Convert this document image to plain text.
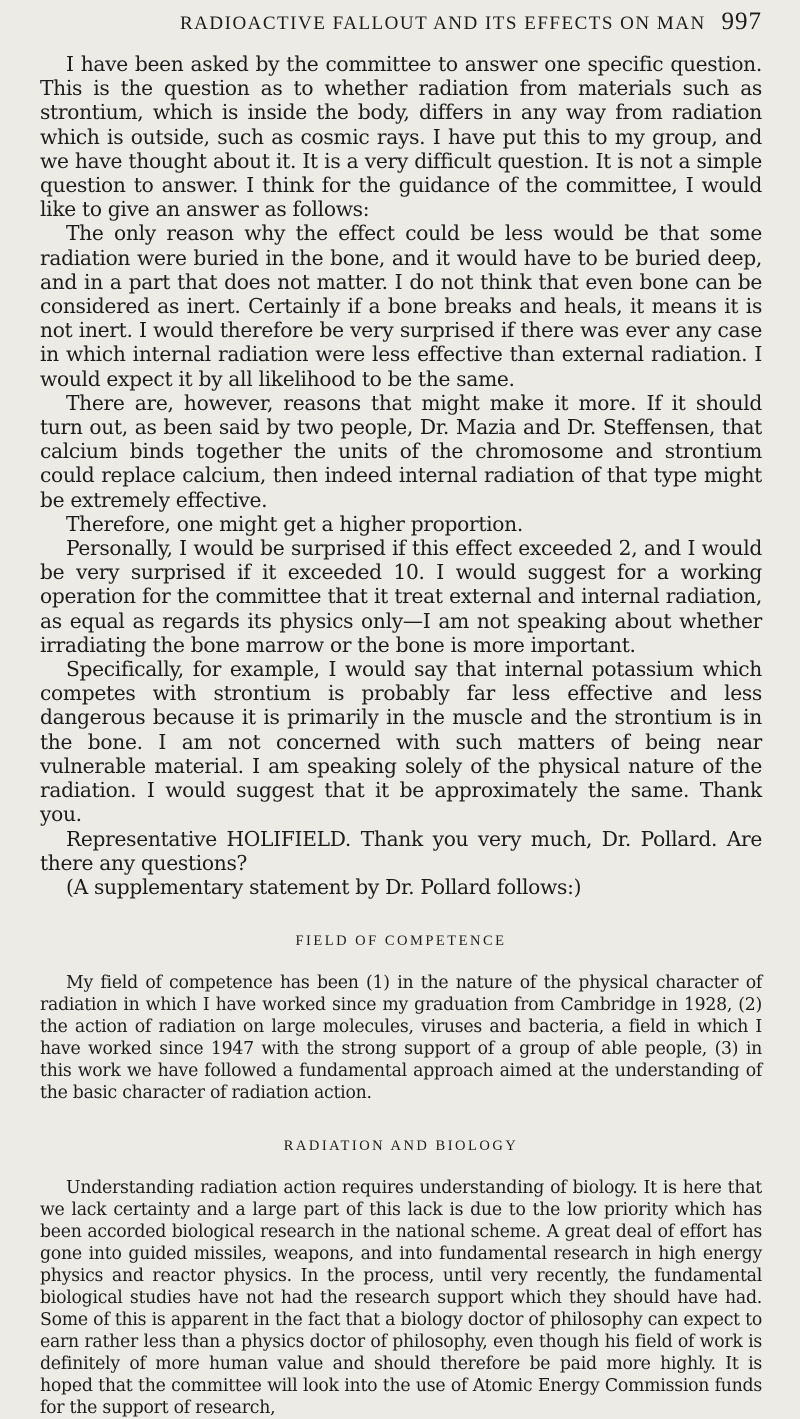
RADIOACTIVE FALLOUT AND ITS EFFECTS ON MAN 997

I have been asked by the committee to answer one specific question. This is the question as to whether radiation from materials such as strontium, which is inside the body, differs in any way from radiation which is outside, such as cosmic rays. I have put this to my group, and we have thought about it. It is a very difficult question. It is not a simple question to answer. I think for the guidance of the committee, I would like to give an answer as follows:

The only reason why the effect could be less would be that some radiation were buried in the bone, and it would have to be buried deep, and in a part that does not matter. I do not think that even bone can be considered as inert. Certainly if a bone breaks and heals, it means it is not inert. I would therefore be very surprised if there was ever any case in which internal radiation were less effective than external radiation. I would expect it by all likelihood to be the same.

There are, however, reasons that might make it more. If it should turn out, as been said by two people, Dr. Mazia and Dr. Steffensen, that calcium binds together the units of the chromosome and strontium could replace calcium, then indeed internal radiation of that type might be extremely effective.

Therefore, one might get a higher proportion.

Personally, I would be surprised if this effect exceeded 2, and I would be very surprised if it exceeded 10. I would suggest for a working operation for the committee that it treat external and internal radiation, as equal as regards its physics only—I am not speaking about whether irradiating the bone marrow or the bone is more important.

Specifically, for example, I would say that internal potassium which competes with strontium is probably far less effective and less dangerous because it is primarily in the muscle and the strontium is in the bone. I am not concerned with such matters of being near vulnerable material. I am speaking solely of the physical nature of the radiation. I would suggest that it be approximately the same. Thank you.

Representative HOLIFIELD. Thank you very much, Dr. Pollard. Are there any questions?

(A supplementary statement by Dr. Pollard follows:)

FIELD OF COMPETENCE

My field of competence has been (1) in the nature of the physical character of radiation in which I have worked since my graduation from Cambridge in 1928, (2) the action of radiation on large molecules, viruses and bacteria, a field in which I have worked since 1947 with the strong support of a group of able people, (3) in this work we have followed a fundamental approach aimed at the understanding of the basic character of radiation action.

RADIATION AND BIOLOGY

Understanding radiation action requires understanding of biology. It is here that we lack certainty and a large part of this lack is due to the low priority which has been accorded biological research in the national scheme. A great deal of effort has gone into guided missiles, weapons, and into fundamental research in high energy physics and reactor physics. In the process, until very recently, the fundamental biological studies have not had the research support which they should have had. Some of this is apparent in the fact that a biology doctor of philosophy can expect to earn rather less than a physics doctor of philosophy, even though his field of work is definitely of more human value and should therefore be paid more highly. It is hoped that the committee will look into the use of Atomic Energy Commission funds for the support of research,
